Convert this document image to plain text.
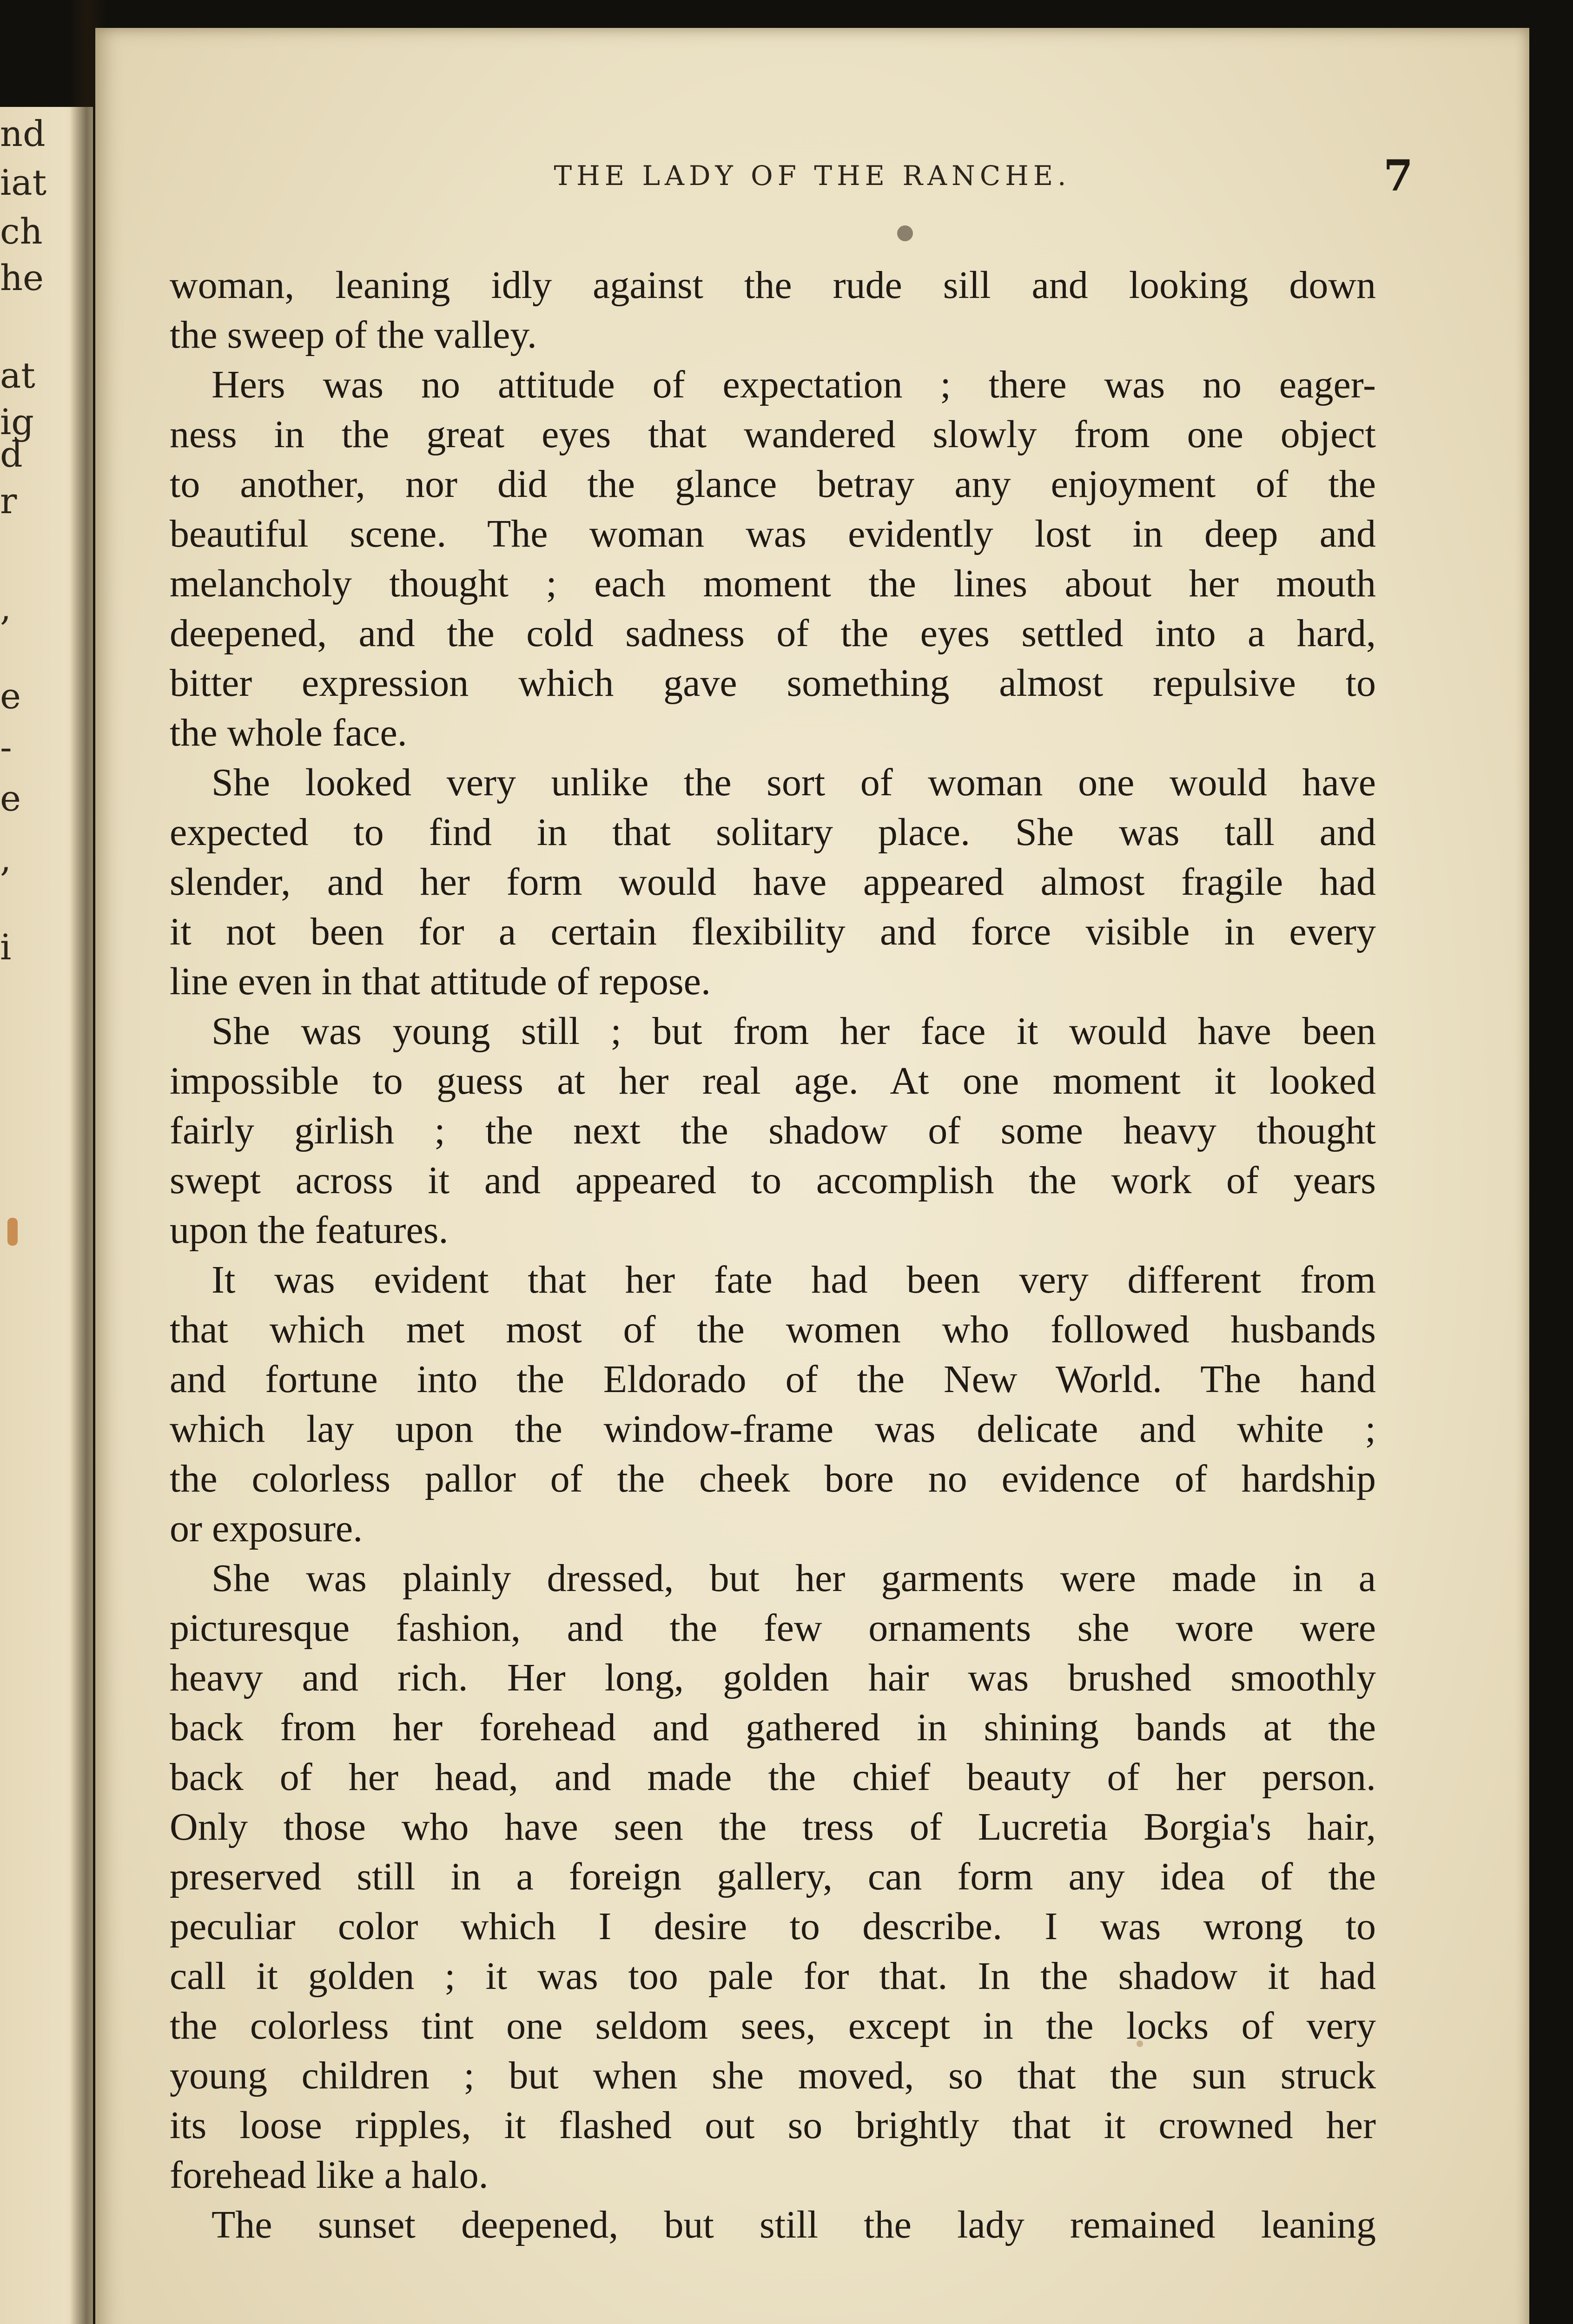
nd
iat
ch
he
at
ig
d
r
,
e
-
e
,
i
THE LADY OF THE RANCHE.	7
woman, leaning idly against the rude sill and looking down
the sweep of the valley.
Hers was no attitude of expectation ; there was no eager-
ness in the great eyes that wandered slowly from one object
to another, nor did the glance betray any enjoyment of the
beautiful scene. The woman was evidently lost in deep and
melancholy thought ; each moment the lines about her mouth
deepened, and the cold sadness of the eyes settled into a hard,
bitter expression which gave something almost repulsive to
the whole face.
She looked very unlike the sort of woman one would have
expected to find in that solitary place. She was tall and
slender, and her form would have appeared almost fragile had
it not been for a certain flexibility and force visible in every
line even in that attitude of repose.
She was young still ; but from her face it would have been
impossible to guess at her real age. At one moment it looked
fairly girlish ; the next the shadow of some heavy thought
swept across it and appeared to accomplish the work of years
upon the features.
It was evident that her fate had been very different from
that which met most of the women who followed husbands
and fortune into the Eldorado of the New World. The hand
which lay upon the window-frame was delicate and white ;
the colorless pallor of the cheek bore no evidence of hardship
or exposure.
She was plainly dressed, but her garments were made in a
picturesque fashion, and the few ornaments she wore were
heavy and rich. Her long, golden hair was brushed smoothly
back from her forehead and gathered in shining bands at the
back of her head, and made the chief beauty of her person.
Only those who have seen the tress of Lucretia Borgia's hair,
preserved still in a foreign gallery, can form any idea of the
peculiar color which I desire to describe. I was wrong to
call it golden ; it was too pale for that. In the shadow it had
the colorless tint one seldom sees, except in the locks of very
young children ; but when she moved, so that the sun struck
its loose ripples, it flashed out so brightly that it crowned her
forehead like a halo.
The sunset deepened, but still the lady remained leaning
